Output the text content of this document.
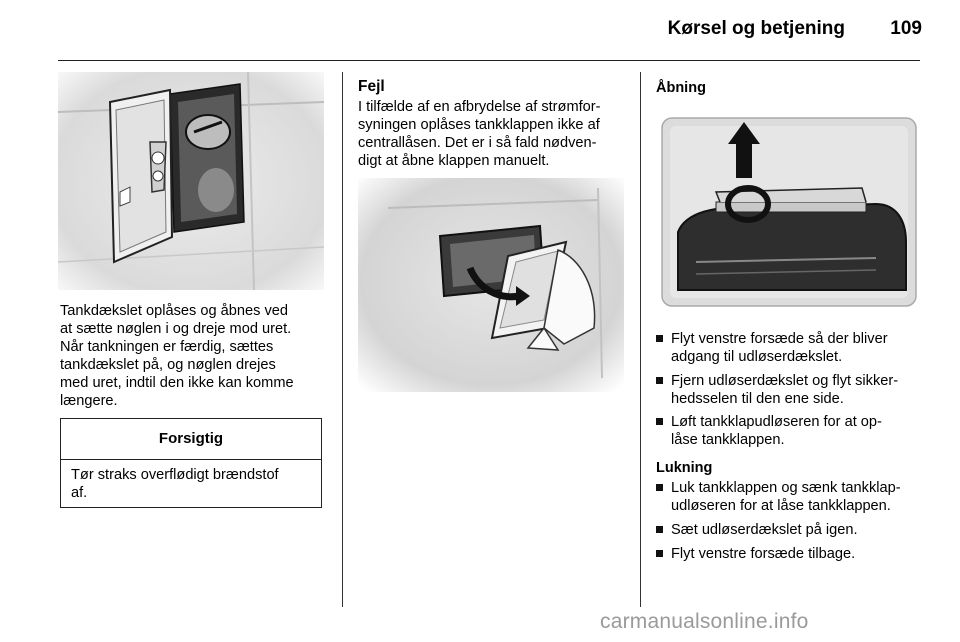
Kørsel og betjening	109
Tankdækslet oplåses og åbnes ved
at sætte nøglen i og dreje mod uret.
Når tankningen er færdig, sættes
tankdækslet på, og nøglen drejes
med uret, indtil den ikke kan komme
længere.
Forsigtig
Tør straks overflødigt brændstof
af.
Fejl
I tilfælde af en afbrydelse af strømfor-
syningen oplåses tankklappen ikke af
centrallåsen. Det er i så fald nødven-
digt at åbne klappen manuelt.
Åbning
Flyt venstre forsæde så der bliver
adgang til udløserdækslet.
Fjern udløserdækslet og flyt sikker-
hedsselen til den ene side.
Løft tankklapudløseren for at op-
låse tankklappen.
Lukning
Luk tankklappen og sænk tankklap-
udløseren for at låse tankklappen.
Sæt udløserdækslet på igen.
Flyt venstre forsæde tilbage.
carmanualsonline.info
